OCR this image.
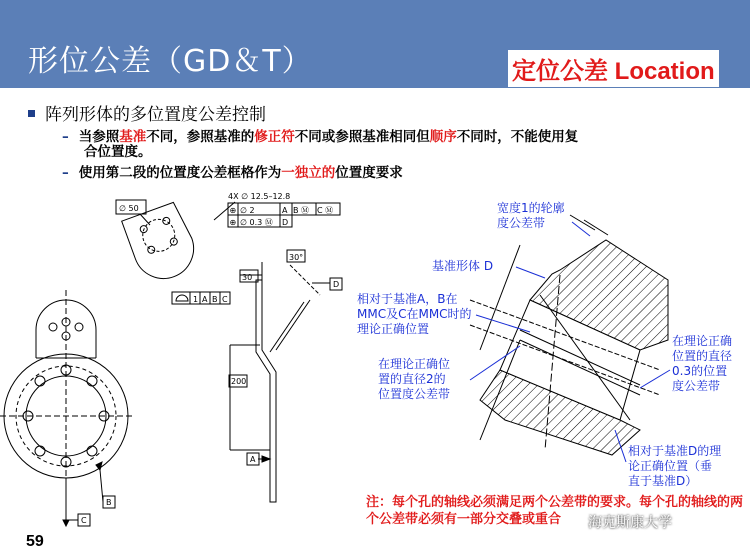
形位公差（GD＆T）	定位公差 Location
阵列形体的多位置度公差控制
– 当参照基准不同，参照基准的修正符不同或参照基准相同但顺序不同时，不能使用复
合位置度。
– 使用第二段的位置度公差框格作为一独立的位置度要求
∅ 50
4X ∅ 12.5–12.8
⊕ ∅ 2	A B Ⓜ C Ⓜ
⊕ ∅ 0.3 Ⓜ D
1 A B C
30
30°
200
D
A
B
C
宽度1的轮廓
度公差带
基准形体 D
相对于基准A，B在
MMC及C在MMC时的
理论正确位置
在理论正确位
置的直径2的
位置度公差带
在理论正确
位置的直径
0.3的位置
度公差带
相对于基准D的理
论正确位置（垂
直于基准D）
注：每个孔的轴线必须满足两个公差带的要求。每个孔的轴线的两个公差带必须有一部分交叠或重合
59
海克斯康大学
